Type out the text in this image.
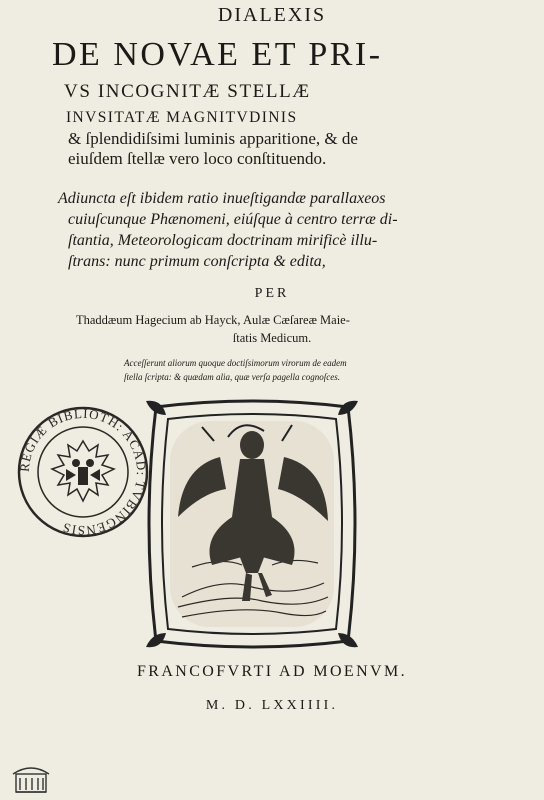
DIALEXIS
DE NOVAE ET PRI-
VS INCOGNITÆ STELLÆ
INVSITATÆ MAGNITVDINIS
& ſplendidiſsimi luminis apparitione, & de
eiuſdem ſtellæ vero loco conſtituendo.
Adiuncta eſt ibidem ratio inueſtigandæ parallaxeos
cuiuſcunque Phænomeni, eiúſque à centro terræ di-
ſtantia, Meteorologicam doctrinam mirificè illu-
ſtrans: nunc primum conſcripta & edita,
PER
Thaddæum Hagecium ab Hayck, Aulæ Cæſareæ Maie-
ſtatis Medicum.
Acceſſerunt aliorum quoque doctiſsimorum virorum de eadem
ſtella ſcripta: & quædam alia, quæ verſa pagella cognoſces.
REGIÆ BIBLIOTH: ACAD: TVBINGENSIS
FRANCOFVRTI AD MOENVM.
M. D. LXXIIII.
